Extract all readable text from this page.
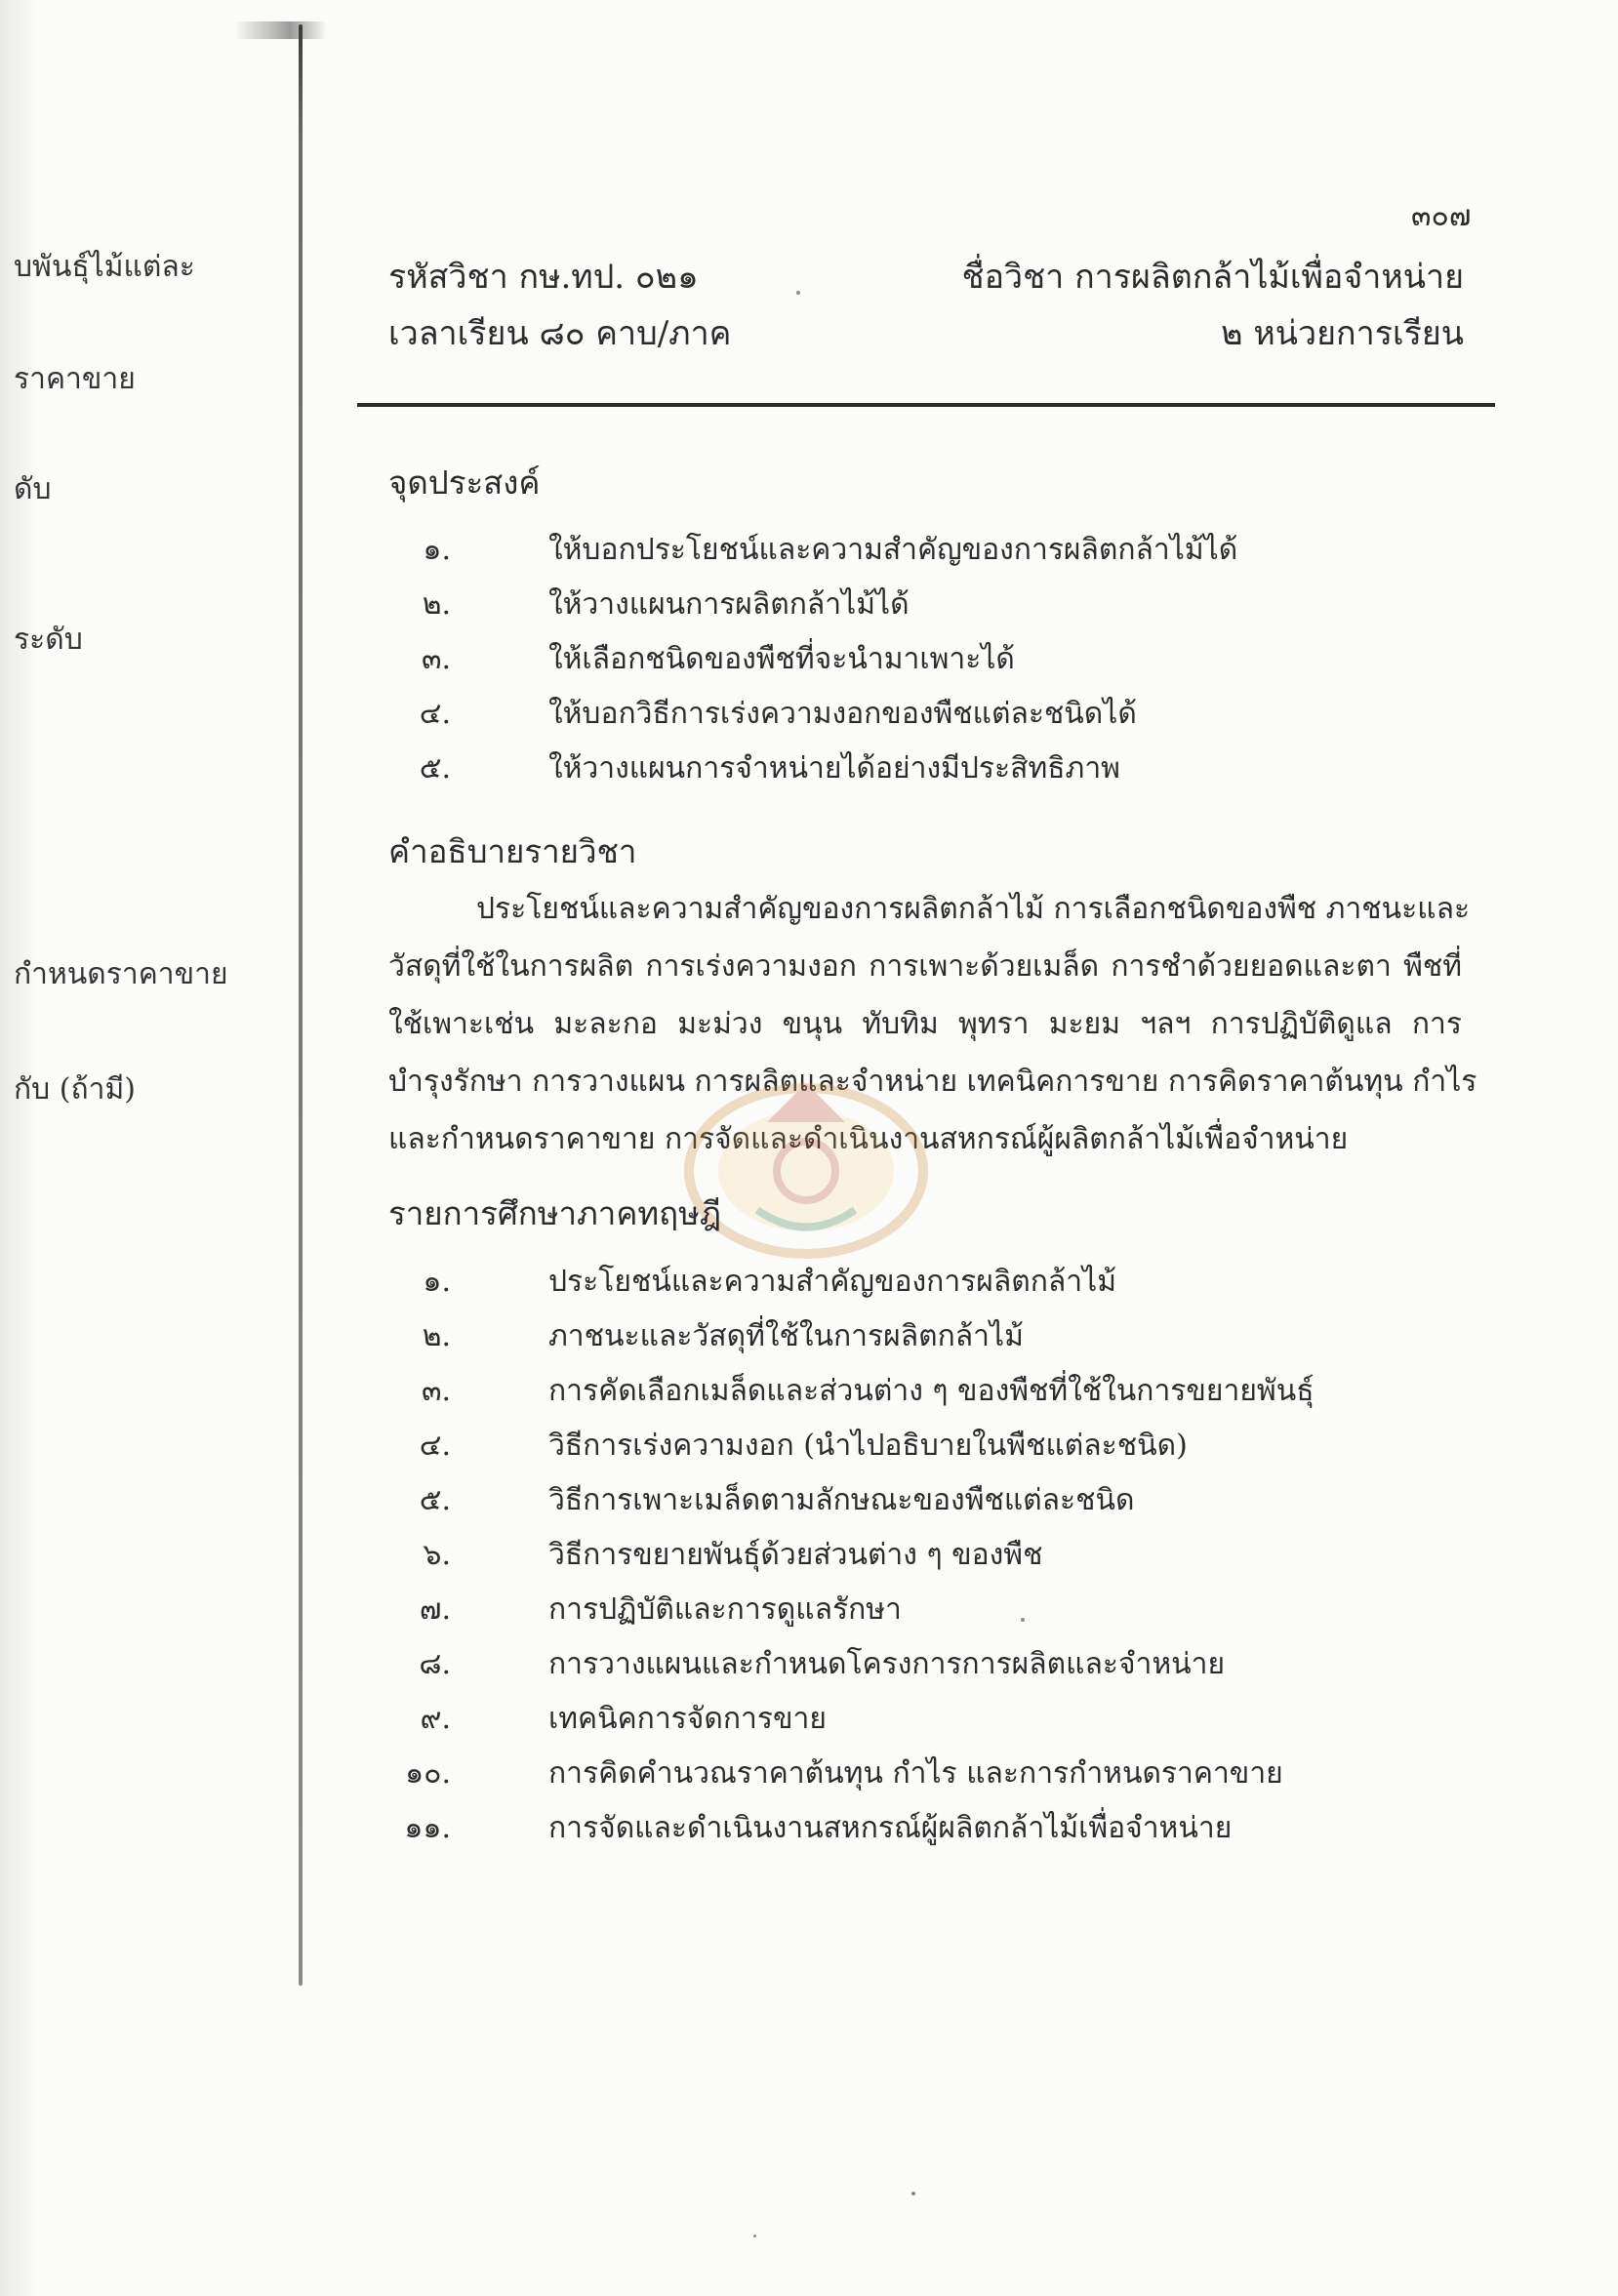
บพันธุ์ไม้แต่ละ
ราคาขาย
ดับ
ระดับ
กำหนดราคาขาย
กับ (ถ้ามี)
๓๐๗
รหัสวิชา กษ.ทป. ๐๒๑	ชื่อวิชา การผลิตกล้าไม้เพื่อจำหน่าย
เวลาเรียน ๘๐ คาบ/ภาค	๒ หน่วยการเรียน
จุดประสงค์
๑.	ให้บอกประโยชน์และความสำคัญของการผลิตกล้าไม้ได้
๒.	ให้วางแผนการผลิตกล้าไม้ได้
๓.	ให้เลือกชนิดของพืชที่จะนำมาเพาะได้
๔.	ให้บอกวิธีการเร่งความงอกของพืชแต่ละชนิดได้
๕.	ให้วางแผนการจำหน่ายได้อย่างมีประสิทธิภาพ
คำอธิบายรายวิชา
ประโยชน์และความสำคัญของการผลิตกล้าไม้ การเลือกชนิดของพืช ภาชนะและ
วัสดุที่ใช้ในการผลิต การเร่งความงอก การเพาะด้วยเมล็ด การชำด้วยยอดและตา พืชที่
ใช้เพาะเช่น มะละกอ มะม่วง ขนุน ทับทิม พุทรา มะยม ฯลฯ การปฏิบัติดูแล การ
บำรุงรักษา การวางแผน การผลิตและจำหน่าย เทคนิคการขาย การคิดราคาต้นทุน กำไร
และกำหนดราคาขาย การจัดและดำเนินงานสหกรณ์ผู้ผลิตกล้าไม้เพื่อจำหน่าย
รายการศึกษาภาคทฤษฎี
๑.	ประโยชน์และความสำคัญของการผลิตกล้าไม้
๒.	ภาชนะและวัสดุที่ใช้ในการผลิตกล้าไม้
๓.	การคัดเลือกเมล็ดและส่วนต่าง ๆ ของพืชที่ใช้ในการขยายพันธุ์
๔.	วิธีการเร่งความงอก (นำไปอธิบายในพืชแต่ละชนิด)
๕.	วิธีการเพาะเมล็ดตามลักษณะของพืชแต่ละชนิด
๖.	วิธีการขยายพันธุ์ด้วยส่วนต่าง ๆ ของพืช
๗.	การปฏิบัติและการดูแลรักษา
๘.	การวางแผนและกำหนดโครงการการผลิตและจำหน่าย
๙.	เทคนิคการจัดการขาย
๑๐.	การคิดคำนวณราคาต้นทุน กำไร และการกำหนดราคาขาย
๑๑.	การจัดและดำเนินงานสหกรณ์ผู้ผลิตกล้าไม้เพื่อจำหน่าย
